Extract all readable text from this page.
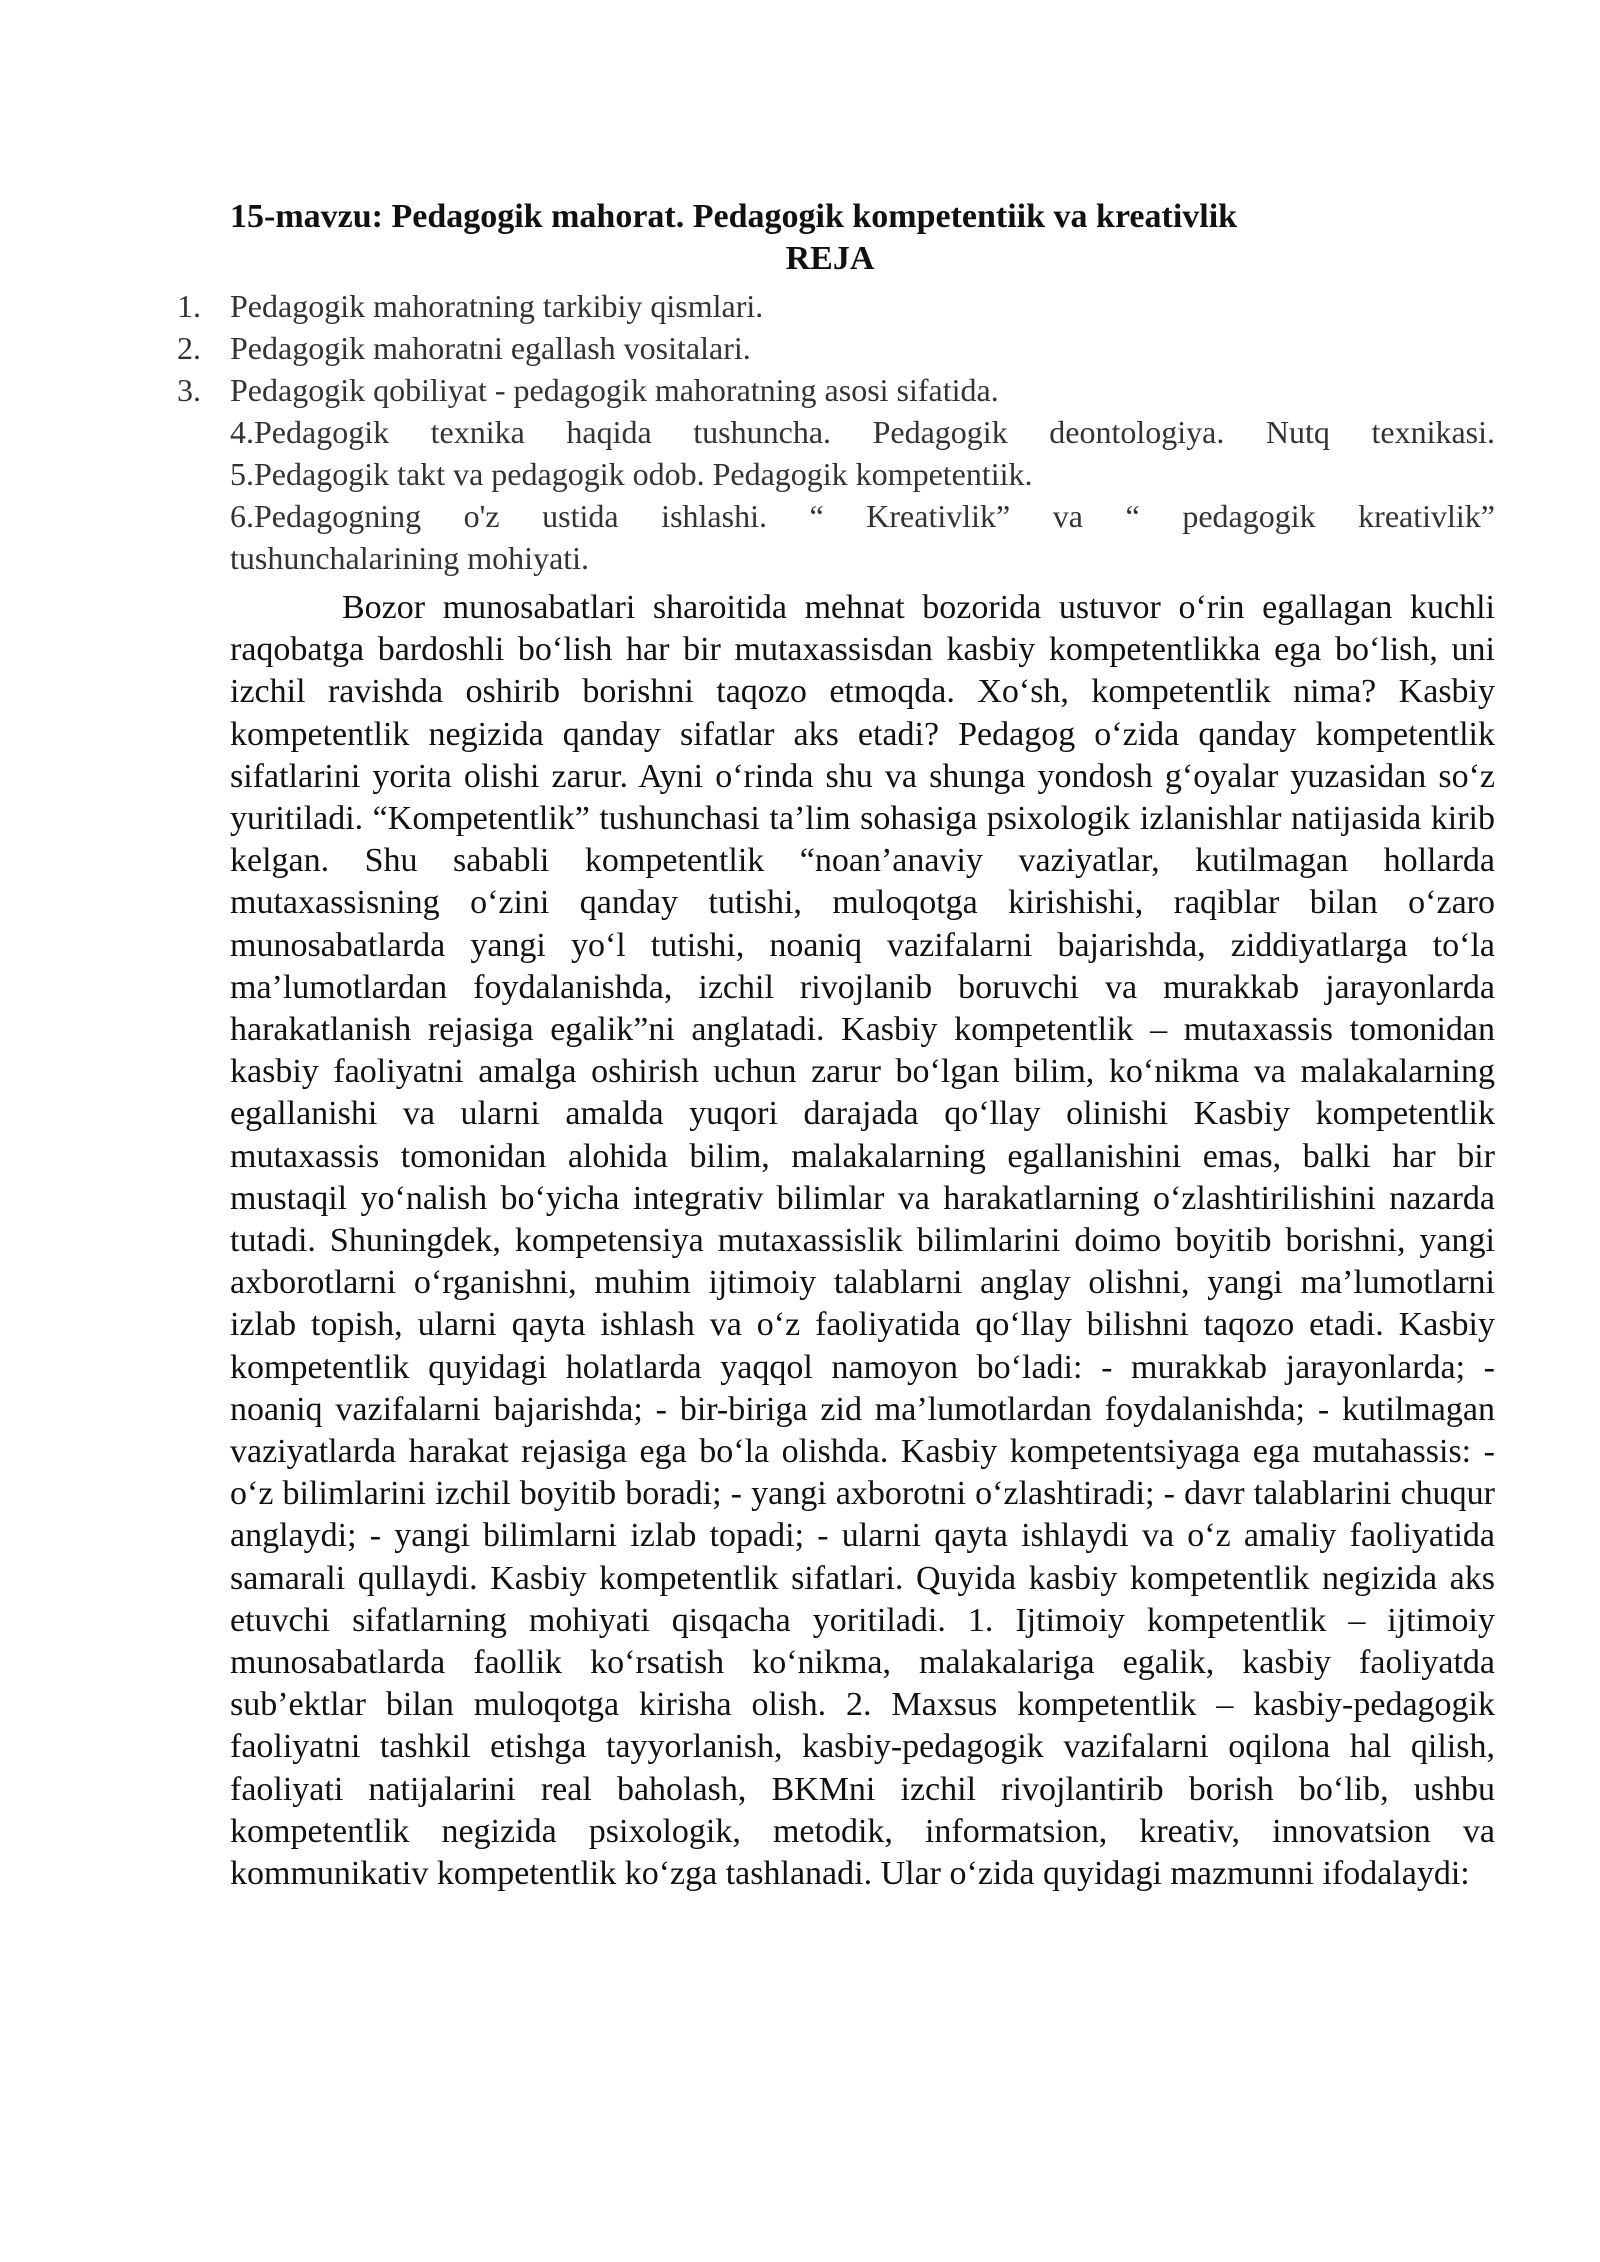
15-mavzu: Pedagogik mahorat. Pedagogik kompetentiik va kreativlik
REJA
1. Pedagogik mahoratning tarkibiy qismlari.
2. Pedagogik mahoratni egallash vositalari.
3. Pedagogik qobiliyat - pedagogik mahoratning asosi sifatida.
4.Pedagogik texnika haqida tushuncha. Pedagogik deontologiya. Nutq texnikasi.
5.Pedagogik takt va pedagogik odob. Pedagogik kompetentiik.
6.Pedagogning o'z ustida ishlashi. “ Kreativlik” va “ pedagogik kreativlik”
tushunchalarining mohiyati.

Bozor munosabatlari sharoitida mehnat bozorida ustuvor o‘rin egallagan kuchli raqobatga bardoshli bo‘lish har bir mutaxassisdan kasbiy kompetentlikka ega bo‘lish, uni izchil ravishda oshirib borishni taqozo etmoqda. Xo‘sh, kompetentlik nima? Kasbiy kompetentlik negizida qanday sifatlar aks etadi? Pedagog o‘zida qanday kompetentlik sifatlarini yorita olishi zarur. Ayni o‘rinda shu va shunga yondosh g‘oyalar yuzasidan so‘z yuritiladi. “Kompetentlik” tushunchasi ta’lim sohasiga psixologik izlanishlar natijasida kirib kelgan. Shu sababli kompetentlik “noan’anaviy vaziyatlar, kutilmagan hollarda mutaxassisning o‘zini qanday tutishi, muloqotga kirishishi, raqiblar bilan o‘zaro munosabatlarda yangi yo‘l tutishi, noaniq vazifalarni bajarishda, ziddiyatlarga to‘la ma’lumotlardan foydalanishda, izchil rivojlanib boruvchi va murakkab jarayonlarda harakatlanish rejasiga egalik”ni anglatadi. Kasbiy kompetentlik – mutaxassis tomonidan kasbiy faoliyatni amalga oshirish uchun zarur bo‘lgan bilim, ko‘nikma va malakalarning egallanishi va ularni amalda yuqori darajada qo‘llay olinishi Kasbiy kompetentlik mutaxassis tomonidan alohida bilim, malakalarning egallanishini emas, balki har bir mustaqil yo‘nalish bo‘yicha integrativ bilimlar va harakatlarning o‘zlashtirilishini nazarda tutadi. Shuningdek, kompetensiya mutaxassislik bilimlarini doimo boyitib borishni, yangi axborotlarni o‘rganishni, muhim ijtimoiy talablarni anglay olishni, yangi ma’lumotlarni izlab topish, ularni qayta ishlash va o‘z faoliyatida qo‘llay bilishni taqozo etadi. Kasbiy kompetentlik quyidagi holatlarda yaqqol namoyon bo‘ladi: - murakkab jarayonlarda; - noaniq vazifalarni bajarishda; - bir-biriga zid ma’lumotlardan foydalanishda; - kutilmagan vaziyatlarda harakat rejasiga ega bo‘la olishda. Kasbiy kompetentsiyaga ega mutahassis: - o‘z bilimlarini izchil boyitib boradi; - yangi axborotni o‘zlashtiradi; - davr talablarini chuqur anglaydi; - yangi bilimlarni izlab topadi; - ularni qayta ishlaydi va o‘z amaliy faoliyatida samarali qullaydi. Kasbiy kompetentlik sifatlari. Quyida kasbiy kompetentlik negizida aks etuvchi sifatlarning mohiyati qisqacha yoritiladi. 1. Ijtimoiy kompetentlik – ijtimoiy munosabatlarda faollik ko‘rsatish ko‘nikma, malakalariga egalik, kasbiy faoliyatda sub’ektlar bilan muloqotga kirisha olish. 2. Maxsus kompetentlik – kasbiy-pedagogik faoliyatni tashkil etishga tayyorlanish, kasbiy-pedagogik vazifalarni oqilona hal qilish, faoliyati natijalarini real baholash, BKMni izchil rivojlantirib borish bo‘lib, ushbu kompetentlik negizida psixologik, metodik, informatsion, kreativ, innovatsion va kommunikativ kompetentlik ko‘zga tashlanadi. Ular o‘zida quyidagi mazmunni ifodalaydi:
